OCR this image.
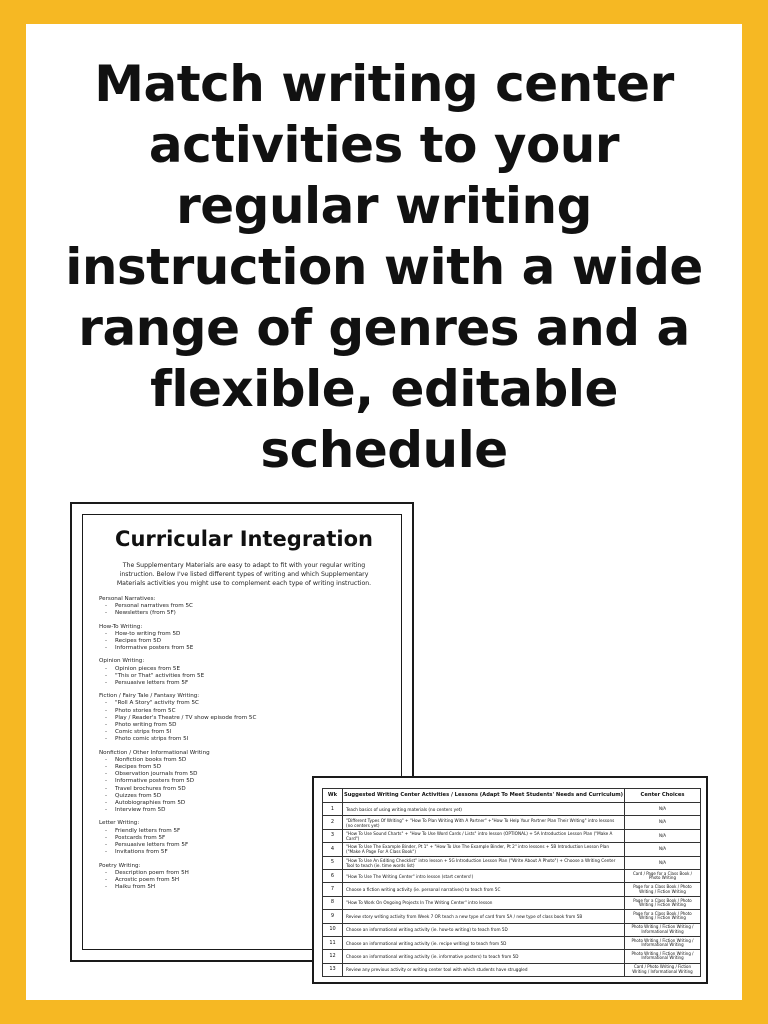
Match writing center
activities to your
regular writing
instruction with a wide
range of genres and a
flexible, editable
schedule
Curricular Integration
The Supplementary Materials are easy to adapt to fit with your regular writing instruction. Below I've listed different types of writing and which Supplementary Materials activities you might use to complement each type of writing instruction.
Personal Narratives:
-	Personal narratives from 5C
-	Newsletters (from 5F)
How-To Writing:
-	How-to writing from 5D
-	Recipes from 5D
-	Informative posters from 5E
Opinion Writing:
-	Opinion pieces from 5E
-	"This or That" activities from 5E
-	Persuasive letters from 5F
Fiction / Fairy Tale / Fantasy Writing:
-	"Roll A Story" activity from 5C
-	Photo stories from 5C
-	Play / Reader's Theatre / TV show episode from 5C
-	Photo writing from 5D
-	Comic strips from 5I
-	Photo comic strips from 5I
Nonfiction / Other Informational Writing
-	Nonfiction books from 5D
-	Recipes from 5D
-	Observation journals from 5D
-	Informative posters from 5D
-	Travel brochures from 5D
-	Quizzes from 5D
-	Autobiographies from 5D
-	Interview from 5D
Letter Writing:
-	Friendly letters from 5F
-	Postcards from 5F
-	Persuasive letters from 5F
-	Invitations from 5F
Poetry Writing:
-	Description poem from 5H
-	Acrostic poem from 5H
-	Haiku from 5H
Wk	Suggested Writing Center Activities / Lessons (Adapt To Meet Students' Needs and Curriculum)	Center Choices
1	Teach basics of using writing materials (no centers yet)	N/A
2	"Different Types Of Writing" + "How To Plan Writing With A Partner" +"How To Help Your Partner Plan Their Writing" intro lessons (no centers yet)	N/A
3	"How To Use Sound Charts" + "How To Use Word Cards / Lists" intro lesson (OPTIONAL) + 5A Introduction Lesson Plan ("Make A Card")	N/A
4	"How To Use The Example Binder, Pt 1" + "How To Use The Example Binder, Pt 2" intro lessons + 5B Introduction Lesson Plan ("Make A Page For A Class Book")	N/A
5	"How To Use An Editing Checklist" intro lesson + 5G Introduction Lesson Plan ("Write About A Photo") + Choose a Writing Center Tool to teach (ie. time words list)	N/A
6	"How To Use The Writing Center" intro lesson (start centers!)	Card / Page for a Class Book / Photo Writing
7	Choose a fiction writing activity (ie. personal narratives) to teach from 5C	Page for a Class Book / Photo Writing / Fiction Writing
8	"How To Work On Ongoing Projects In The Writing Center" intro lesson	Page for a Class Book / Photo Writing / Fiction Writing
9	Review story writing activity from Week 7 OR teach a new type of card from 5A / new type of class book from 5B	Page for a Class Book / Photo Writing / Fiction Writing
10	Choose an informational writing activity (ie. how-to writing) to teach from 5D	Photo Writing / Fiction Writing / Informational Writing
11	Choose an informational writing activity (ie. recipe writing) to teach from 5D	Photo Writing / Fiction Writing / Informational Writing
12	Choose an informational writing activity (ie. informative posters) to teach from 5D	Photo Writing / Fiction Writing / Informational Writing
13	Review any previous activity or writing center tool with which students have struggled	Card / Photo Writing / Fiction Writing / Informational Writing
